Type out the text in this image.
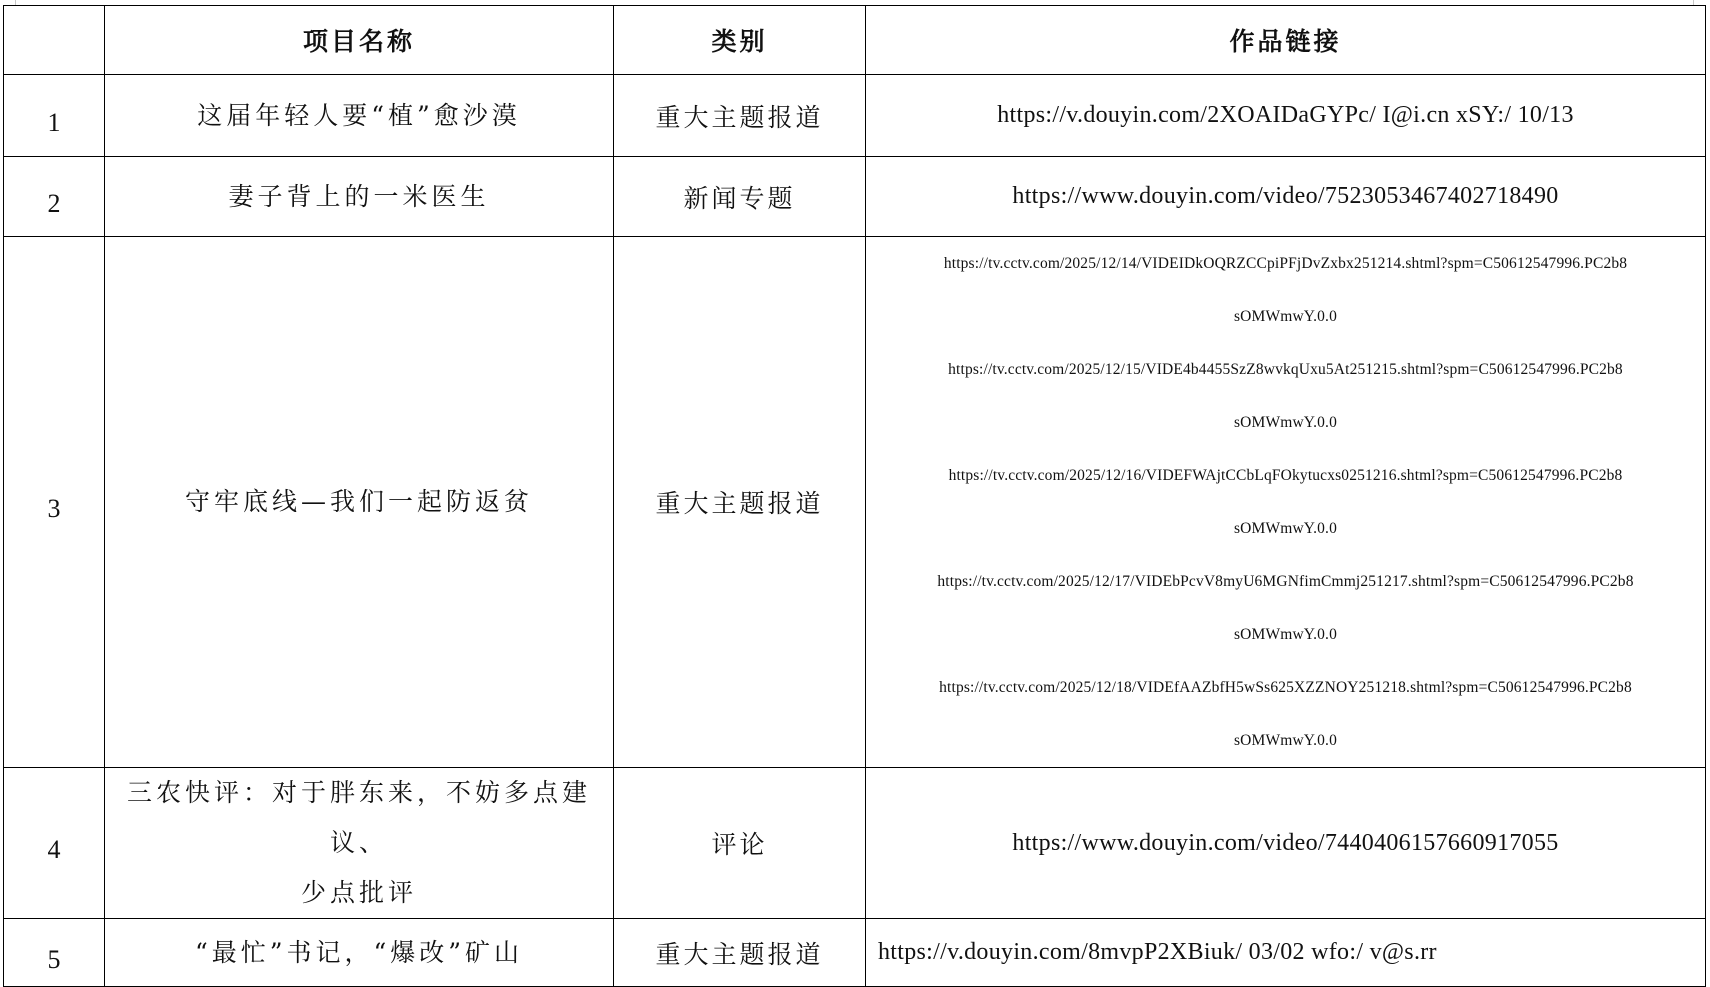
	项目名称	类别	作品链接
1	这届年轻人要“植”愈沙漠	重大主题报道	https://v.douyin.com/2XOAIDaGYPc/ I@i.cn xSY:/ 10/13
2	妻子背上的一米医生	新闻专题	https://www.douyin.com/video/7523053467402718490
3	守牢底线—我们一起防返贫	重大主题报道	
https://tv.cctv.com/2025/12/14/VIDEIDkOQRZCCpiPFjDvZxbx251214.shtml?spm=C50612547996.PC2b8
sOMWmwY.0.0
https://tv.cctv.com/2025/12/15/VIDE4b4455SzZ8wvkqUxu5At251215.shtml?spm=C50612547996.PC2b8
sOMWmwY.0.0
https://tv.cctv.com/2025/12/16/VIDEFWAjtCCbLqFOkytucxs0251216.shtml?spm=C50612547996.PC2b8
sOMWmwY.0.0
https://tv.cctv.com/2025/12/17/VIDEbPcvV8myU6MGNfimCmmj251217.shtml?spm=C50612547996.PC2b8
sOMWmwY.0.0
https://tv.cctv.com/2025/12/18/VIDEfAAZbfH5wSs625XZZNOY251218.shtml?spm=C50612547996.PC2b8
sOMWmwY.0.0

4	三农快评：对于胖东来，不妨多点建议、
少点批评	评论	https://www.douyin.com/video/7440406157660917055
5	“最忙”书记，“爆改”矿山	重大主题报道	https://v.douyin.com/8mvpP2XBiuk/ 03/02 wfo:/ v@s.rr
